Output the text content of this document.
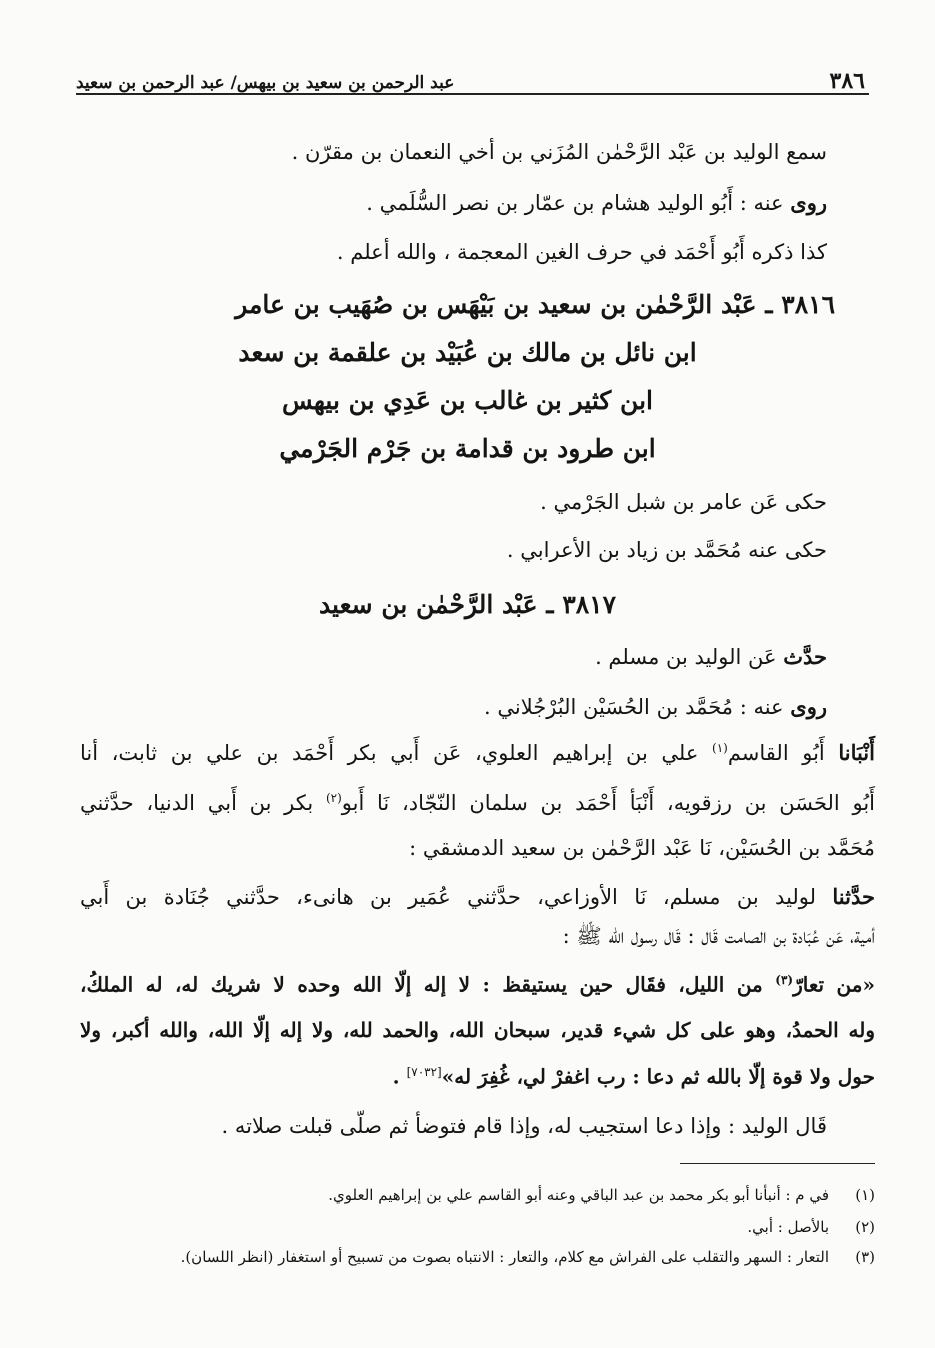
٣٨٦
عبد الرحمن بن سعيد بن بيهس/ عبد الرحمن بن سعيد
سمع الوليد بن عَبْد الرَّحْمٰن المُزَني بن أخي النعمان بن مقرّن .
روى عنه : أَبُو الوليد هشام بن عمّار بن نصر السُّلَمي .
كذا ذكره أَبُو أَحْمَد في حرف الغين المعجمة ، والله أعلم .
٣٨١٦ ـ عَبْد الرَّحْمٰن بن سعيد بن بَيْهَس بن صُهَيب بن عامر
ابن نائل بن مالك بن عُبَيْد بن علقمة بن سعد
ابن كثير بن غالب بن عَدِي بن بيهس
ابن طرود بن قدامة بن جَرْم الجَرْمي
حكى عَن عامر بن شبل الجَرْمي .
حكى عنه مُحَمَّد بن زياد بن الأعرابي .
٣٨١٧ ـ عَبْد الرَّحْمٰن بن سعيد
حدَّث عَن الوليد بن مسلم .
روى عنه : مُحَمَّد بن الحُسَيْن البُرْجُلاني .
أَنْبَانا أَبُو القاسم$^{(١)}$ علي بن إبراهيم العلوي، عَن أَبي بكر أَحْمَد بن علي بن ثابت، أنا
أَبُو الحَسَن بن رزقويه، أَنْبَأ أَحْمَد بن سلمان النّجّاد، نَا أَبو$^{(٢)}$ بكر بن أَبي الدنيا، حدَّثني
مُحَمَّد بن الحُسَيْن، نَا عَبْد الرَّحْمٰن بن سعيد الدمشقي :
حدَّثنا لوليد بن مسلم، نَا الأوزاعي، حدَّثني عُمَير بن هانىء، حدَّثني جُنَادة بن أَبي
أمية، عَن عُبَادة بن الصامت قَال : قَال رسول الله ﷺ :
«من تعارّ$^{(٣)}$ من الليل، فقَال حين يستيقظ : لا إله إلّا الله وحده لا شريك له، له الملكُ،
وله الحمدُ، وهو على كل شيء قدير، سبحان الله، والحمد لله، ولا إله إلّا الله، والله أكبر، ولا
حول ولا قوة إلّا بالله ثم دعا : رب اغفرْ لي، غُفِرَ له»[٧٠٣٢] .
قَال الوليد : وإذا دعا استجيب له، وإذا قام فتوضأ ثم صلّى قبلت صلاته .
(١)
في م : أنبأنا أبو بكر محمد بن عبد الباقي وعنه أبو القاسم علي بن إبراهيم العلوي.
(٢)
بالأصل : أبي.
(٣)
التعار : السهر والتقلب على الفراش مع كلام، والتعار : الانتباه بصوت من تسبيح أو استغفار (انظر اللسان).
